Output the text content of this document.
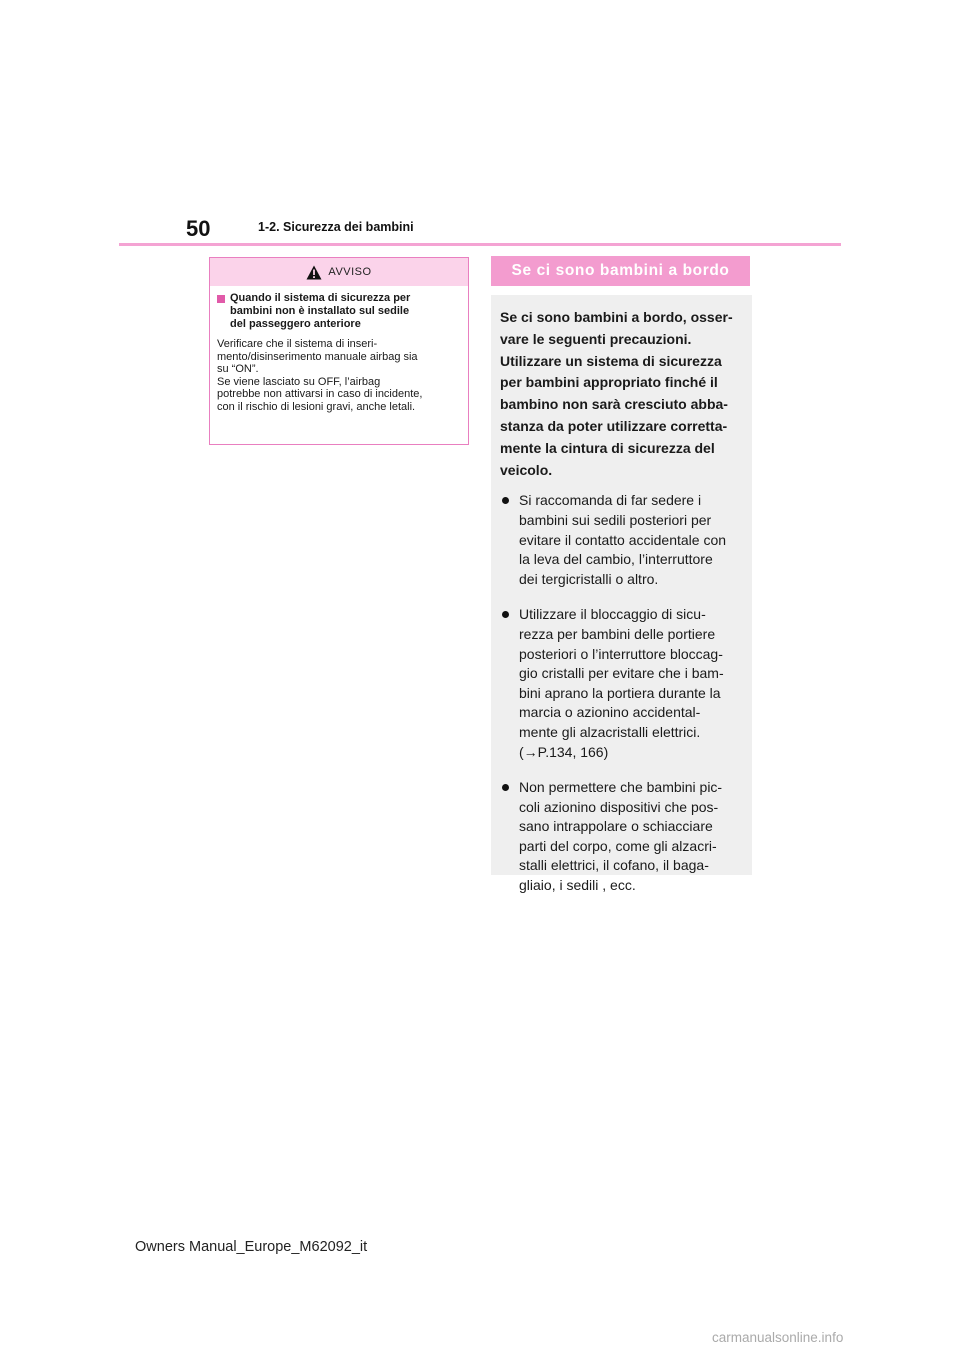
50	1-2. Sicurezza dei bambini
AVVISO
Quando il sistema di sicurezza per
bambini non è installato sul sedile
del passeggero anteriore
Verificare che il sistema di inseri-
mento/disinserimento manuale airbag sia
su “ON”.
Se viene lasciato su OFF, l’airbag
potrebbe non attivarsi in caso di incidente,
con il rischio di lesioni gravi, anche letali.
Se ci sono bambini a bordo
Se ci sono bambini a bordo, osser-
vare le seguenti precauzioni.
Utilizzare un sistema di sicurezza
per bambini appropriato finché il
bambino non sarà cresciuto abba-
stanza da poter utilizzare corretta-
mente la cintura di sicurezza del
veicolo.
Si raccomanda di far sedere i
bambini sui sedili posteriori per
evitare il contatto accidentale con
la leva del cambio, l’interruttore
dei tergicristalli o altro.
Utilizzare il bloccaggio di sicu-
rezza per bambini delle portiere
posteriori o l’interruttore bloccag-
gio cristalli per evitare che i bam-
bini aprano la portiera durante la
marcia o azionino accidental-
mente gli alzacristalli elettrici.
(→P.134, 166)
Non permettere che bambini pic-
coli azionino dispositivi che pos-
sano intrappolare o schiacciare
parti del corpo, come gli alzacri-
stalli elettrici, il cofano, il baga-
gliaio, i sedili , ecc.
Owners Manual_Europe_M62092_it
carmanualsonline.info
